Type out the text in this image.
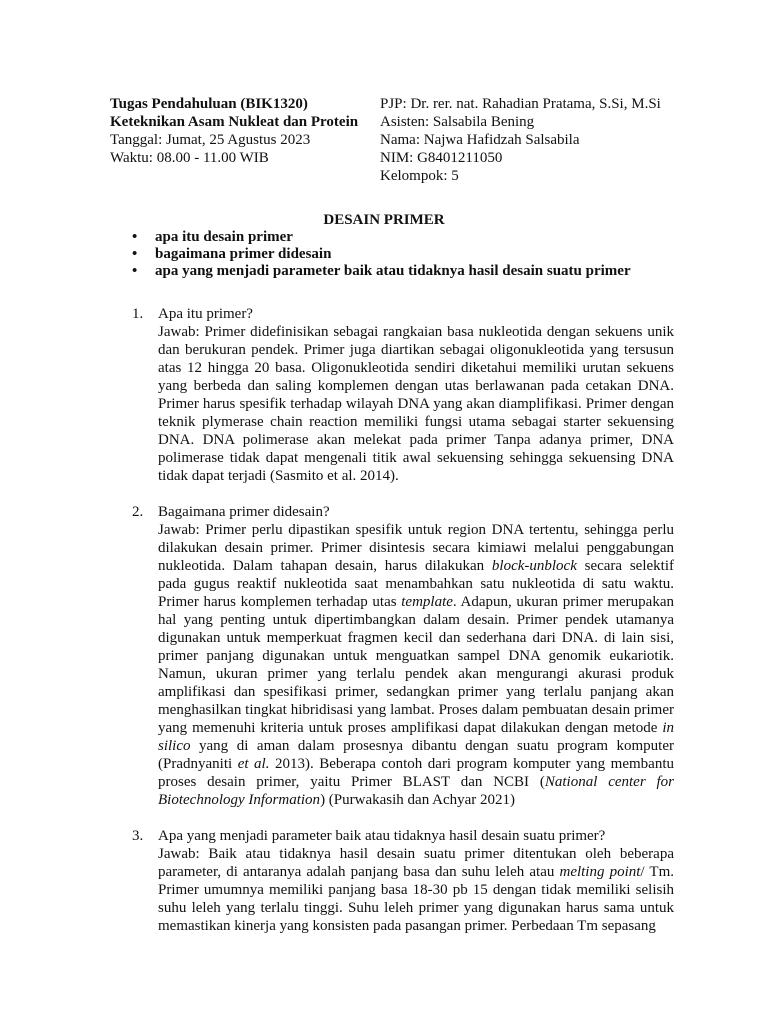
Tugas Pendahuluan (BIK1320)
Keteknikan Asam Nukleat dan Protein
Tanggal: Jumat, 25 Agustus 2023
Waktu: 08.00 - 11.00 WIB
PJP: Dr. rer. nat. Rahadian Pratama, S.Si, M.Si
Asisten: Salsabila Bening
Nama: Najwa Hafidzah Salsabila
NIM: G8401211050
Kelompok: 5
DESAIN PRIMER
• apa itu desain primer
• bagaimana primer didesain
• apa yang menjadi parameter baik atau tidaknya hasil desain suatu primer
1. Apa itu primer?

Jawab: Primer didefinisikan sebagai rangkaian basa nukleotida dengan sekuens unik dan berukuran pendek. Primer juga diartikan sebagai oligonukleotida yang tersusun atas 12 hingga 20 basa. Oligonukleotida sendiri diketahui memiliki urutan sekuens yang berbeda dan saling komplemen dengan utas berlawanan pada cetakan DNA. Primer harus spesifik terhadap wilayah DNA yang akan diamplifikasi. Primer dengan teknik plymerase chain reaction memiliki fungsi utama sebagai starter sekuensing DNA. DNA polimerase akan melekat pada primer Tanpa adanya primer, DNA polimerase tidak dapat mengenali titik awal sekuensing sehingga sekuensing DNA tidak dapat terjadi (Sasmito et al. 2014).

2. Bagaimana primer didesain?

Jawab: Primer perlu dipastikan spesifik untuk region DNA tertentu, sehingga perlu dilakukan desain primer. Primer disintesis secara kimiawi melalui penggabungan nukleotida. Dalam tahapan desain, harus dilakukan block-unblock secara selektif pada gugus reaktif nukleotida saat menambahkan satu nukleotida di satu waktu. Primer harus komplemen terhadap utas template. Adapun, ukuran primer merupakan hal yang penting untuk dipertimbangkan dalam desain. Primer pendek utamanya digunakan untuk memperkuat fragmen kecil dan sederhana dari DNA. di lain sisi, primer panjang digunakan untuk menguatkan sampel DNA genomik eukariotik. Namun, ukuran primer yang terlalu pendek akan mengurangi akurasi produk amplifikasi dan spesifikasi primer, sedangkan primer yang terlalu panjang akan menghasilkan tingkat hibridisasi yang lambat. Proses dalam pembuatan desain primer yang memenuhi kriteria untuk proses amplifikasi dapat dilakukan dengan metode in silico yang di aman dalam prosesnya dibantu dengan suatu program komputer (Pradnyaniti et al. 2013). Beberapa contoh dari program komputer yang membantu proses desain primer, yaitu Primer BLAST dan NCBI (National center for Biotechnology Information) (Purwakasih dan Achyar 2021)

3. Apa yang menjadi parameter baik atau tidaknya hasil desain suatu primer?

Jawab: Baik atau tidaknya hasil desain suatu primer ditentukan oleh beberapa parameter, di antaranya adalah panjang basa dan suhu leleh atau melting point/ Tm. Primer umumnya memiliki panjang basa 18-30 pb 15 dengan tidak memiliki selisih suhu leleh yang terlalu tinggi. Suhu leleh primer yang digunakan harus sama untuk memastikan kinerja yang konsisten pada pasangan primer. Perbedaan Tm sepasang
